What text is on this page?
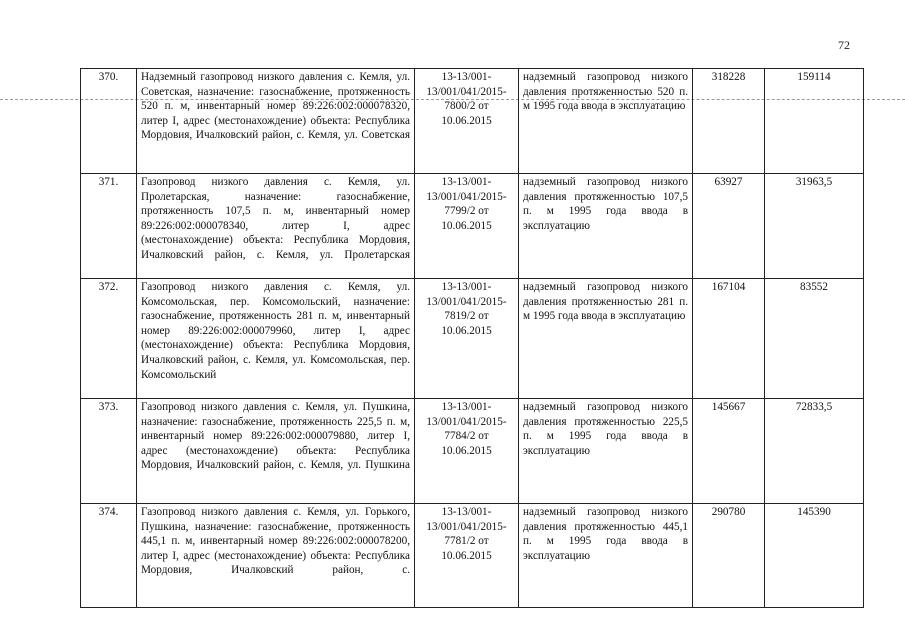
72
370.	Надземный газопровод низкого давления с. Кемля, ул. Советская, назначение: газоснабжение, протяженность 520 п. м, инвентарный номер 89:226:002:000078320, литер I, адрес (местонахождение) объекта: Республика Мордовия, Ичалковский район, с. Кемля, ул. Советская	13-13/001-13/001/041/2015-7800/2 от 10.06.2015	надземный газопровод низкого давления протяженностью 520 п. м 1995 года ввода в эксплуатацию	318228	159114
371.	Газопровод низкого давления с. Кемля, ул. Пролетарская, назначение: газоснабжение, протяженность 107,5 п. м, инвентарный номер 89:226:002:000078340, литер I, адрес (местонахождение) объекта: Республика Мордовия, Ичалковский район, с. Кемля, ул. Пролетарская	13-13/001-13/001/041/2015-7799/2 от 10.06.2015	надземный газопровод низкого давления протяженностью 107,5 п. м 1995 года ввода в эксплуатацию	63927	31963,5
372.	Газопровод низкого давления с. Кемля, ул. Комсомольская, пер. Комсомольский, назначение: газоснабжение, протяженность 281 п. м, инвентарный номер 89:226:002:000079960, литер I, адрес (местонахождение) объекта: Республика Мордовия, Ичалковский район, с. Кемля, ул. Комсомольская, пер. Комсомольский	13-13/001-13/001/041/2015-7819/2 от 10.06.2015	надземный газопровод низкого давления протяженностью 281 п. м 1995 года ввода в эксплуатацию	167104	83552
373.	Газопровод низкого давления с. Кемля, ул. Пушкина, назначение: газоснабжение, протяженность 225,5 п. м, инвентарный номер 89:226:002:000079880, литер I, адрес (местонахождение) объекта: Республика Мордовия, Ичалковский район, с. Кемля, ул. Пушкина	13-13/001-13/001/041/2015-7784/2 от 10.06.2015	надземный газопровод низкого давления протяженностью 225,5 п. м 1995 года ввода в эксплуатацию	145667	72833,5
374.	Газопровод низкого давления с. Кемля, ул. Горького, Пушкина, назначение: газоснабжение, протяженность 445,1 п. м, инвентарный номер 89:226:002:000078200, литер I, адрес (местонахождение) объекта: Республика Мордовия, Ичалковский район, с.	13-13/001-13/001/041/2015-7781/2 от 10.06.2015	надземный газопровод низкого давления протяженностью 445,1 п. м 1995 года ввода в эксплуатацию	290780	145390
